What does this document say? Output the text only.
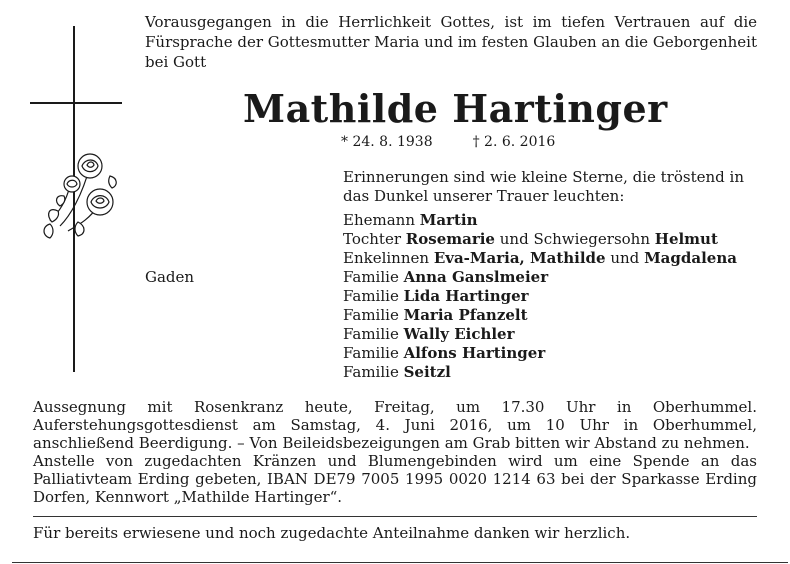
Vorausgegangen in die Herrlichkeit Gottes, ist im tiefen Vertrauen auf die Fürsprache der Gottesmutter Maria und im festen Glauben an die Geborgenheit bei Gott
Mathilde Hartinger
* 24. 8. 1938	† 2. 6. 2016
Erinnerungen sind wie kleine Sterne, die tröstend in das Dunkel unserer Trauer leuchten:
Gaden
Ehemann Martin
Tochter Rosemarie und Schwiegersohn Helmut
Enkelinnen Eva-Maria, Mathilde und Magdalena
Familie Anna Ganslmeier
Familie Lida Hartinger
Familie Maria Pfanzelt
Familie Wally Eichler
Familie Alfons Hartinger
Familie Seitzl

Aussegnung mit Rosenkranz heute, Freitag, um 17.30 Uhr in Oberhummel. Auferstehungsgottesdienst am Samstag, 4. Juni 2016, um 10 Uhr in Oberhummel, anschließend Beerdigung. – Von Beileidsbezeigungen am Grab bitten wir Abstand zu nehmen.

Anstelle von zugedachten Kränzen und Blumengebinden wird um eine Spende an das Palliativteam Erding gebeten, IBAN DE79 7005 1995 0020 1214 63 bei der Sparkasse Erding Dorfen, Kennwort „Mathilde Hartinger“.

Für bereits erwiesene und noch zugedachte Anteilnahme danken wir herzlich.
